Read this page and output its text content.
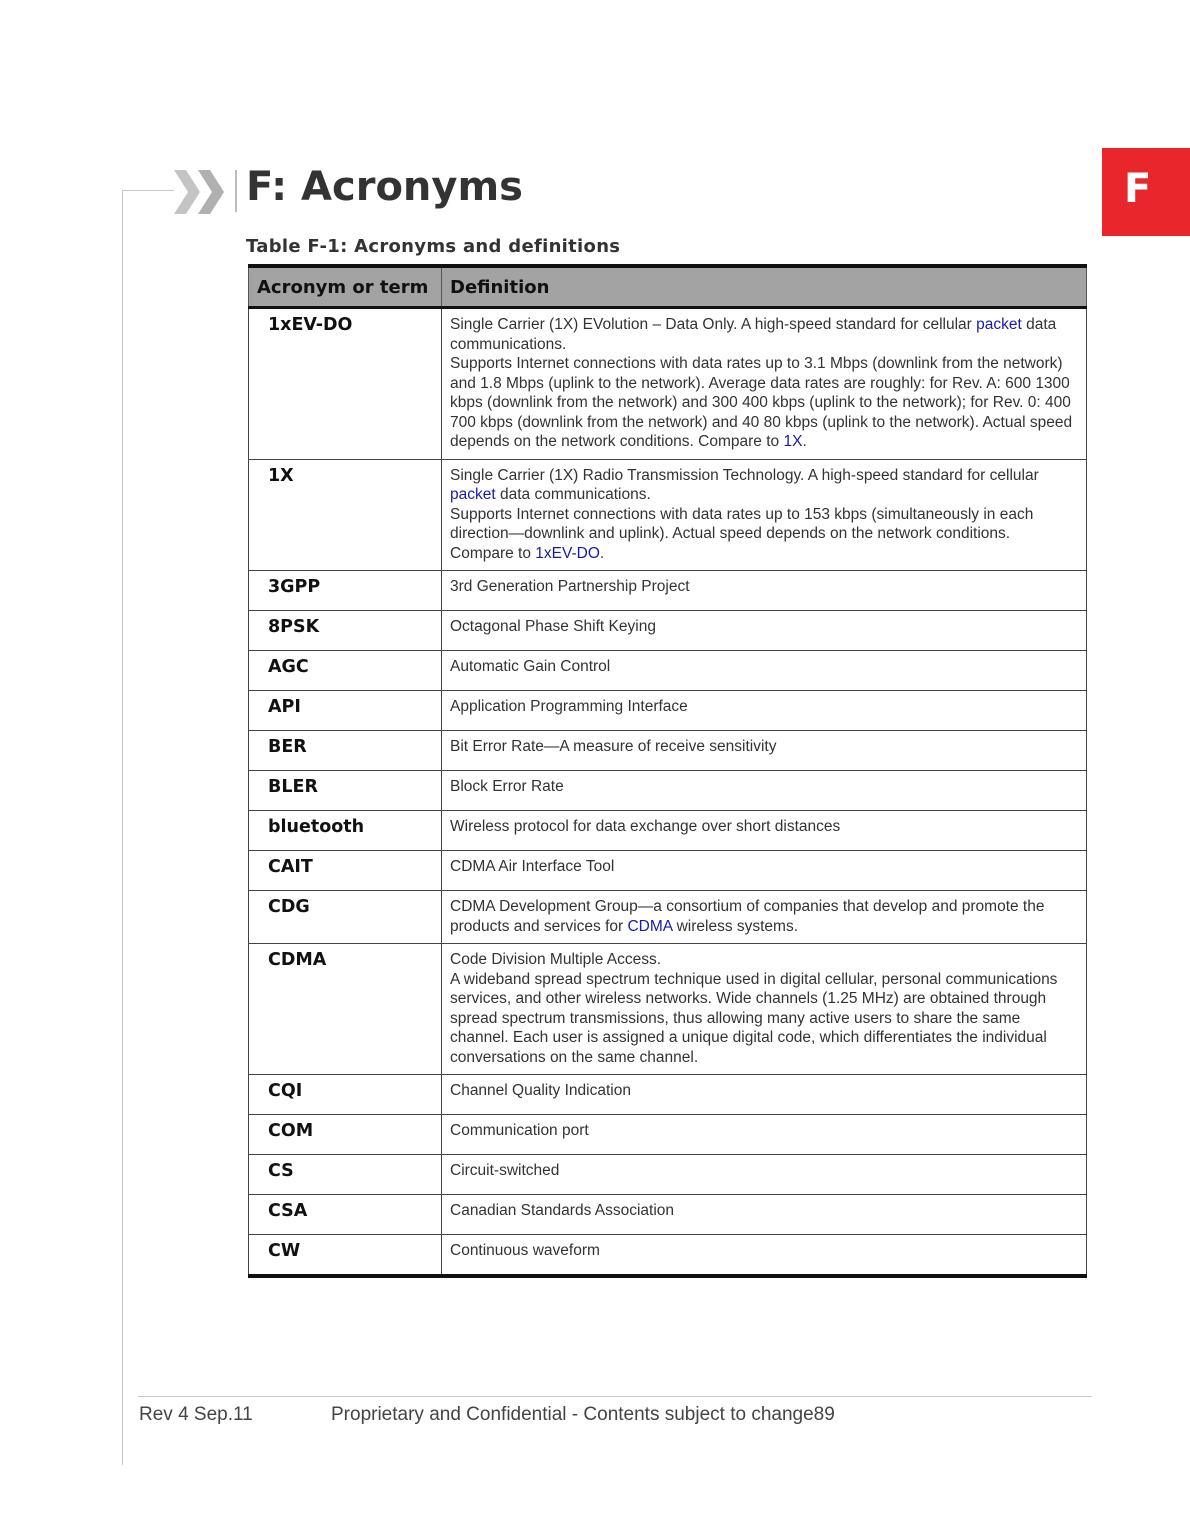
F: Acronyms	F
Table F-1: Acronyms and definitions
Acronym or term	Definition
1xEV-DO	Single Carrier (1X) EVolution – Data Only. A high-speed standard for cellular packet data communications.
Supports Internet connections with data rates up to 3.1 Mbps (downlink from the network) and 1.8 Mbps (uplink to the network). Average data rates are roughly: for Rev. A: 600 1300 kbps (downlink from the network) and 300 400 kbps (uplink to the network); for Rev. 0: 400 700 kbps (downlink from the network) and 40 80 kbps (uplink to the network). Actual speed depends on the network conditions. Compare to 1X.

1X	Single Carrier (1X) Radio Transmission Technology. A high-speed standard for cellular packet data communications.
Supports Internet connections with data rates up to 153 kbps (simultaneously in each direction—downlink and uplink). Actual speed depends on the network conditions. Compare to 1xEV-DO.

3GPP	3rd Generation Partnership Project

8PSK	Octagonal Phase Shift Keying

AGC	Automatic Gain Control

API	Application Programming Interface

BER	Bit Error Rate—A measure of receive sensitivity

BLER	Block Error Rate

bluetooth	Wireless protocol for data exchange over short distances

CAIT	CDMA Air Interface Tool

CDG	CDMA Development Group—a consortium of companies that develop and promote the products and services for CDMA wireless systems.

CDMA	Code Division Multiple Access.
A wideband spread spectrum technique used in digital cellular, personal communications services, and other wireless networks. Wide channels (1.25 MHz) are obtained through spread spectrum transmissions, thus allowing many active users to share the same channel. Each user is assigned a unique digital code, which differentiates the individual conversations on the same channel.

CQI	Channel Quality Indication

COM	Communication port

CS	Circuit-switched

CSA	Canadian Standards Association

CW	Continuous waveform
Rev 4 Sep.11	Proprietary and Confidential - Contents subject to change89
